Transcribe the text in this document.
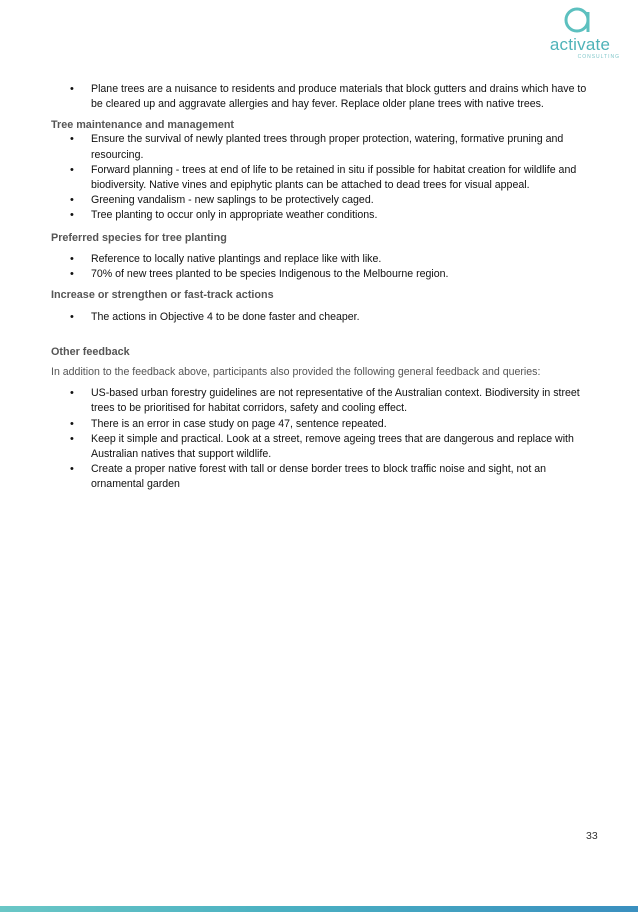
activate
CONSULTING
• Plane trees are a nuisance to residents and produce materials that block gutters and drains which have to be cleared up and aggravate allergies and hay fever. Replace older plane trees with native trees.
Tree maintenance and management
• Ensure the survival of newly planted trees through proper protection, watering, formative pruning and resourcing.
• Forward planning - trees at end of life to be retained in situ if possible for habitat creation for wildlife and biodiversity. Native vines and epiphytic plants can be attached to dead trees for visual appeal.
• Greening vandalism - new saplings to be protectively caged.
• Tree planting to occur only in appropriate weather conditions.
Preferred species for tree planting
• Reference to locally native plantings and replace like with like.
• 70% of new trees planted to be species Indigenous to the Melbourne region.
Increase or strengthen or fast-track actions
• The actions in Objective 4 to be done faster and cheaper.
Other feedback

In addition to the feedback above, participants also provided the following general feedback and queries:

• US-based urban forestry guidelines are not representative of the Australian context. Biodiversity in street trees to be prioritised for habitat corridors, safety and cooling effect.
• There is an error in case study on page 47, sentence repeated.
• Keep it simple and practical. Look at a street, remove ageing trees that are dangerous and replace with Australian natives that support wildlife.
• Create a proper native forest with tall or dense border trees to block traffic noise and sight, not an ornamental garden
33
